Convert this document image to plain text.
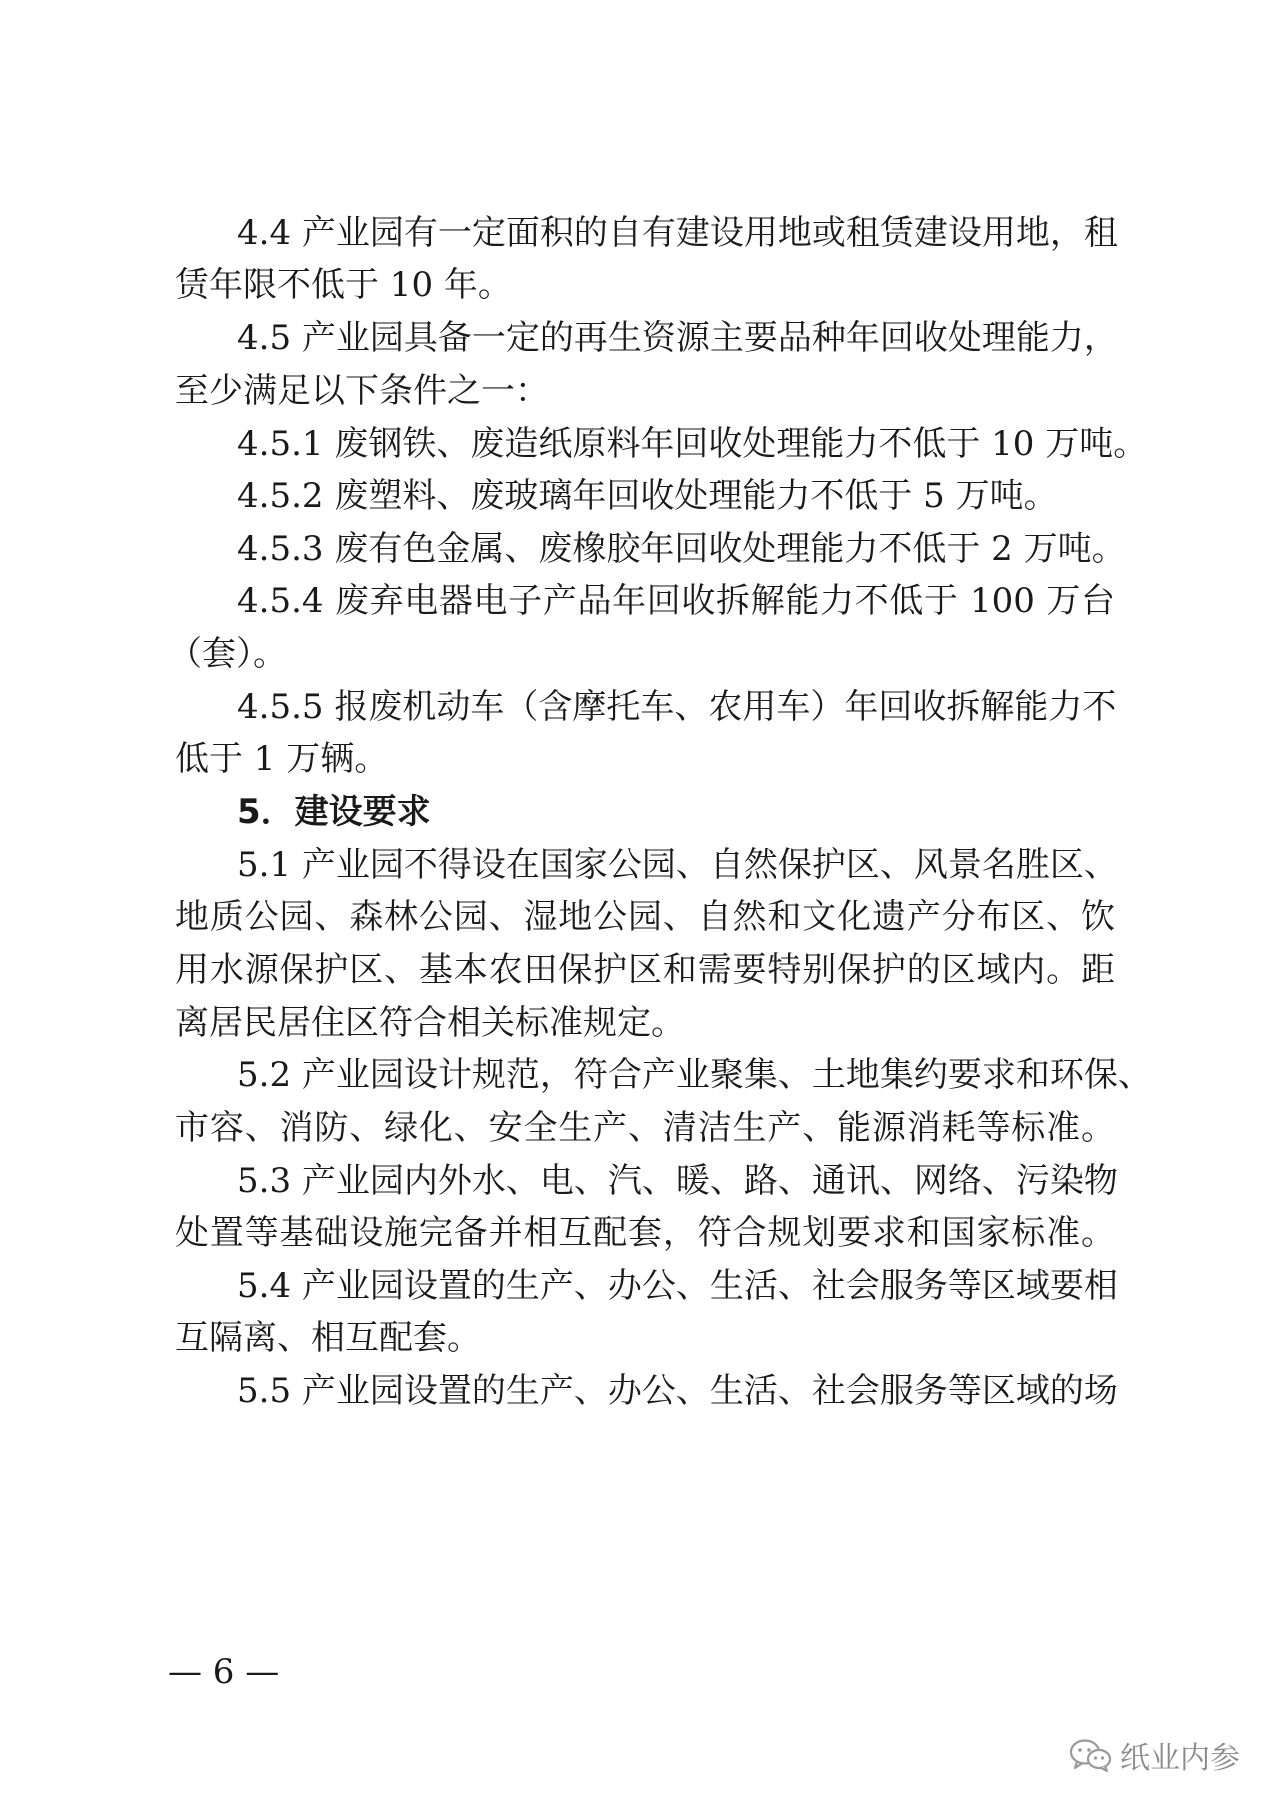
4.4 产业园有一定面积的自有建设用地或租赁建设用地，租
赁年限不低于 10 年。
4.5 产业园具备一定的再生资源主要品种年回收处理能力，
至少满足以下条件之一：
4.5.1 废钢铁、废造纸原料年回收处理能力不低于 10 万吨。
4.5.2 废塑料、废玻璃年回收处理能力不低于 5 万吨。
4.5.3 废有色金属、废橡胶年回收处理能力不低于 2 万吨。
4.5.4 废弃电器电子产品年回收拆解能力不低于 100 万台
（套）。
4.5.5 报废机动车（含摩托车、农用车）年回收拆解能力不
低于 1 万辆。
5．建设要求
5.1 产业园不得设在国家公园、自然保护区、风景名胜区、
地质公园、森林公园、湿地公园、自然和文化遗产分布区、饮
用水源保护区、基本农田保护区和需要特别保护的区域内。距
离居民居住区符合相关标准规定。
5.2 产业园设计规范，符合产业聚集、土地集约要求和环保、
市容、消防、绿化、安全生产、清洁生产、能源消耗等标准。
5.3 产业园内外水、电、汽、暖、路、通讯、网络、污染物
处置等基础设施完备并相互配套，符合规划要求和国家标准。
5.4 产业园设置的生产、办公、生活、社会服务等区域要相
互隔离、相互配套。
5.5 产业园设置的生产、办公、生活、社会服务等区域的场
— 6 —
纸业内参
